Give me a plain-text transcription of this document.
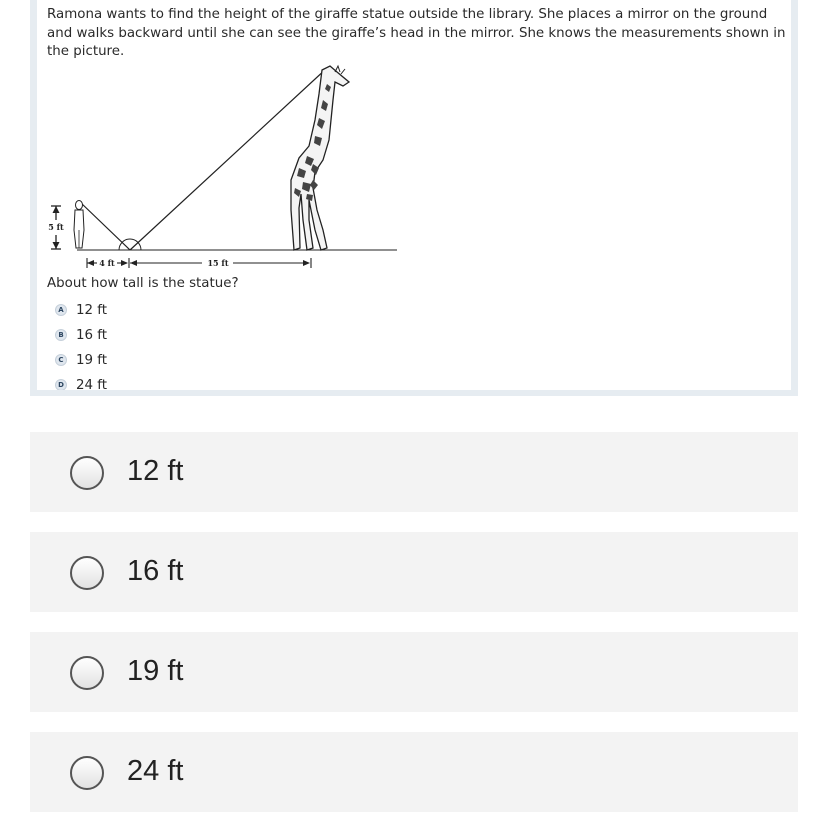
Ramona wants to find the height of the giraffe statue outside the library. She places a mirror on the ground and walks backward until she can see the giraffe’s head in the mirror. She knows the measurements shown in the picture.
5 ft
4 ft	15 ft
About how tall is the statue?
A 12 ft
B 16 ft
C 19 ft
D 24 ft
12 ft
16 ft
19 ft
24 ft
